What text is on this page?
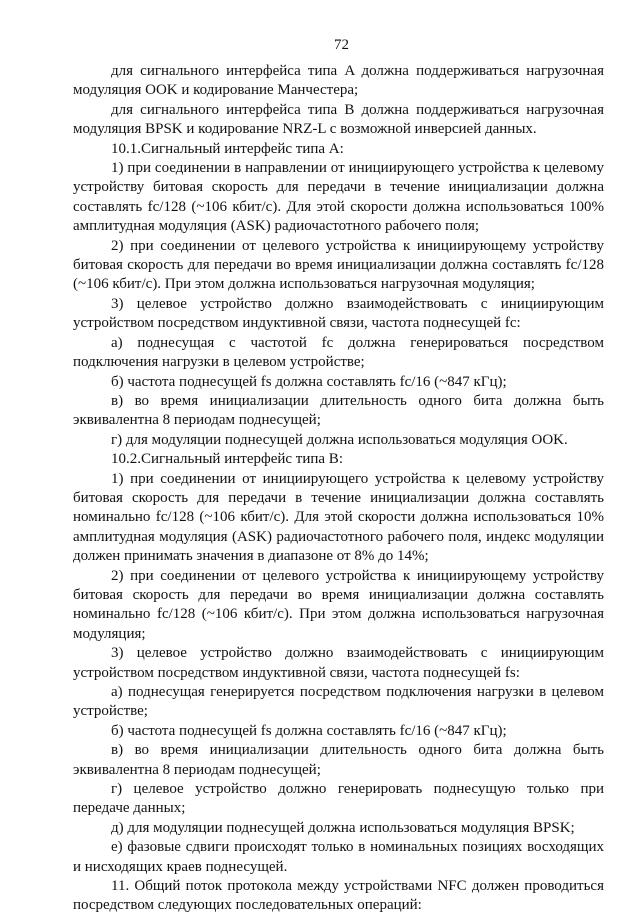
72

для сигнального интерфейса типа A должна поддерживаться нагрузочная модуляция OOK и кодирование Манчестера;

для сигнального интерфейса типа B должна поддерживаться нагрузочная модуляция BPSK и кодирование NRZ-L с возможной инверсией данных.

10.1.Сигнальный интерфейс типа A:

1) при соединении в направлении от инициирующего устройства к целевому устройству битовая скорость для передачи в течение инициализации должна составлять fc/128 (~106 кбит/с). Для этой скорости должна использоваться 100% амплитудная модуляция (ASK) радиочастотного рабочего поля;

2) при соединении от целевого устройства к инициирующему устройству битовая скорость для передачи во время инициализации должна составлять fc/128 (~106 кбит/с). При этом должна использоваться нагрузочная модуляция;

3) целевое устройство должно взаимодействовать с инициирующим устройством посредством индуктивной связи, частота поднесущей fc:

а) поднесущая с частотой fc должна генерироваться посредством подключения нагрузки в целевом устройстве;

б) частота поднесущей fs должна составлять fc/16 (~847 кГц);

в) во время инициализации длительность одного бита должна быть эквивалентна 8 периодам поднесущей;

г) для модуляции поднесущей должна использоваться модуляция OOK.

10.2.Сигнальный интерфейс типа B:

1) при соединении от инициирующего устройства к целевому устройству битовая скорость для передачи в течение инициализации должна составлять номинально fc/128 (~106 кбит/с). Для этой скорости должна использоваться 10% амплитудная модуляция (ASK) радиочастотного рабочего поля, индекс модуляции должен принимать значения в диапазоне от 8% до 14%;

2) при соединении от целевого устройства к инициирующему устройству битовая скорость для передачи во время инициализации должна составлять номинально fc/128 (~106 кбит/с). При этом должна использоваться нагрузочная модуляция;

3) целевое устройство должно взаимодействовать с инициирующим устройством посредством индуктивной связи, частота поднесущей fs:

а) поднесущая генерируется посредством подключения нагрузки в целевом устройстве;

б) частота поднесущей fs должна составлять fc/16 (~847 кГц);

в) во время инициализации длительность одного бита должна быть эквивалентна 8 периодам поднесущей;

г) целевое устройство должно генерировать поднесущую только при передаче данных;

д) для модуляции поднесущей должна использоваться модуляция BPSK;

е) фазовые сдвиги происходят только в номинальных позициях восходящих и нисходящих краев поднесущей.

11. Общий поток протокола между устройствами NFC должен проводиться посредством следующих последовательных операций:
